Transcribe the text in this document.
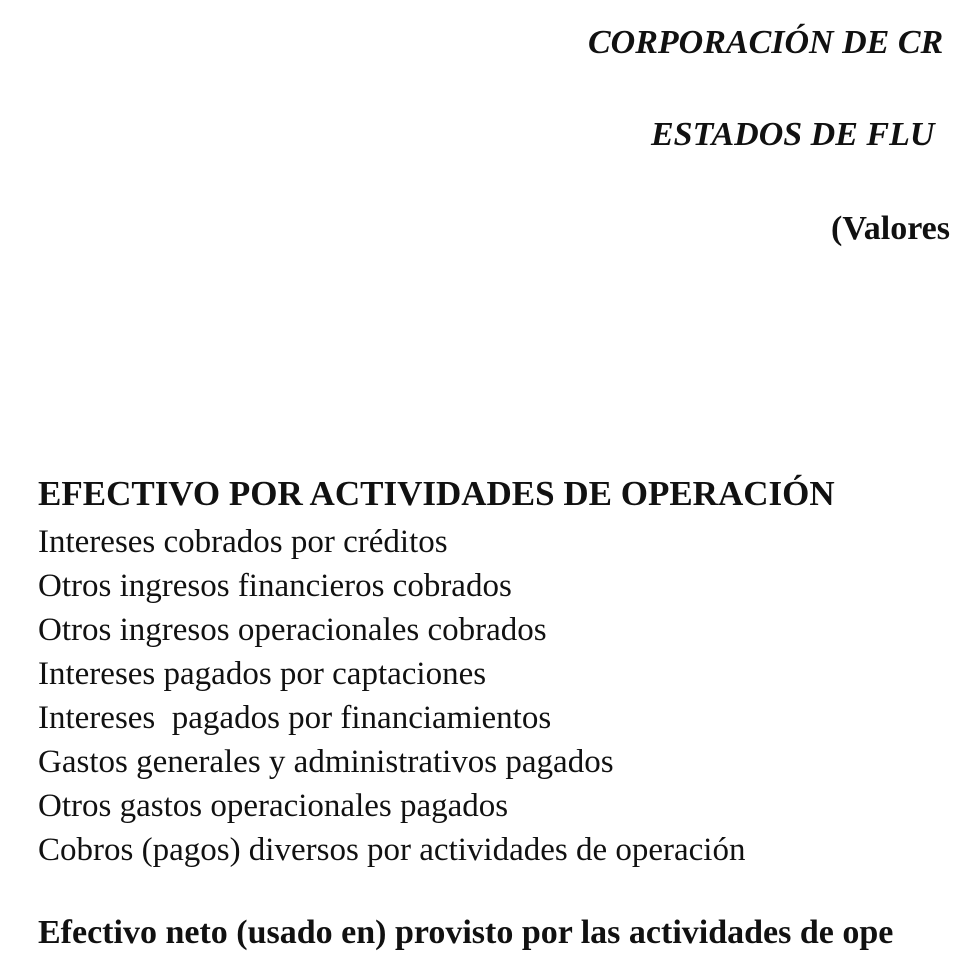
CORPORACIÓN DE CR

ESTADOS DE FLU

(Valores

EFECTIVO POR ACTIVIDADES DE OPERACIÓN

Intereses cobrados por créditos
Otros ingresos financieros cobrados
Otros ingresos operacionales cobrados
Intereses pagados por captaciones
Intereses  pagados por financiamientos
Gastos generales y administrativos pagados
Otros gastos operacionales pagados
Cobros (pagos) diversos por actividades de operación

Efectivo neto (usado en) provisto por las actividades de ope
